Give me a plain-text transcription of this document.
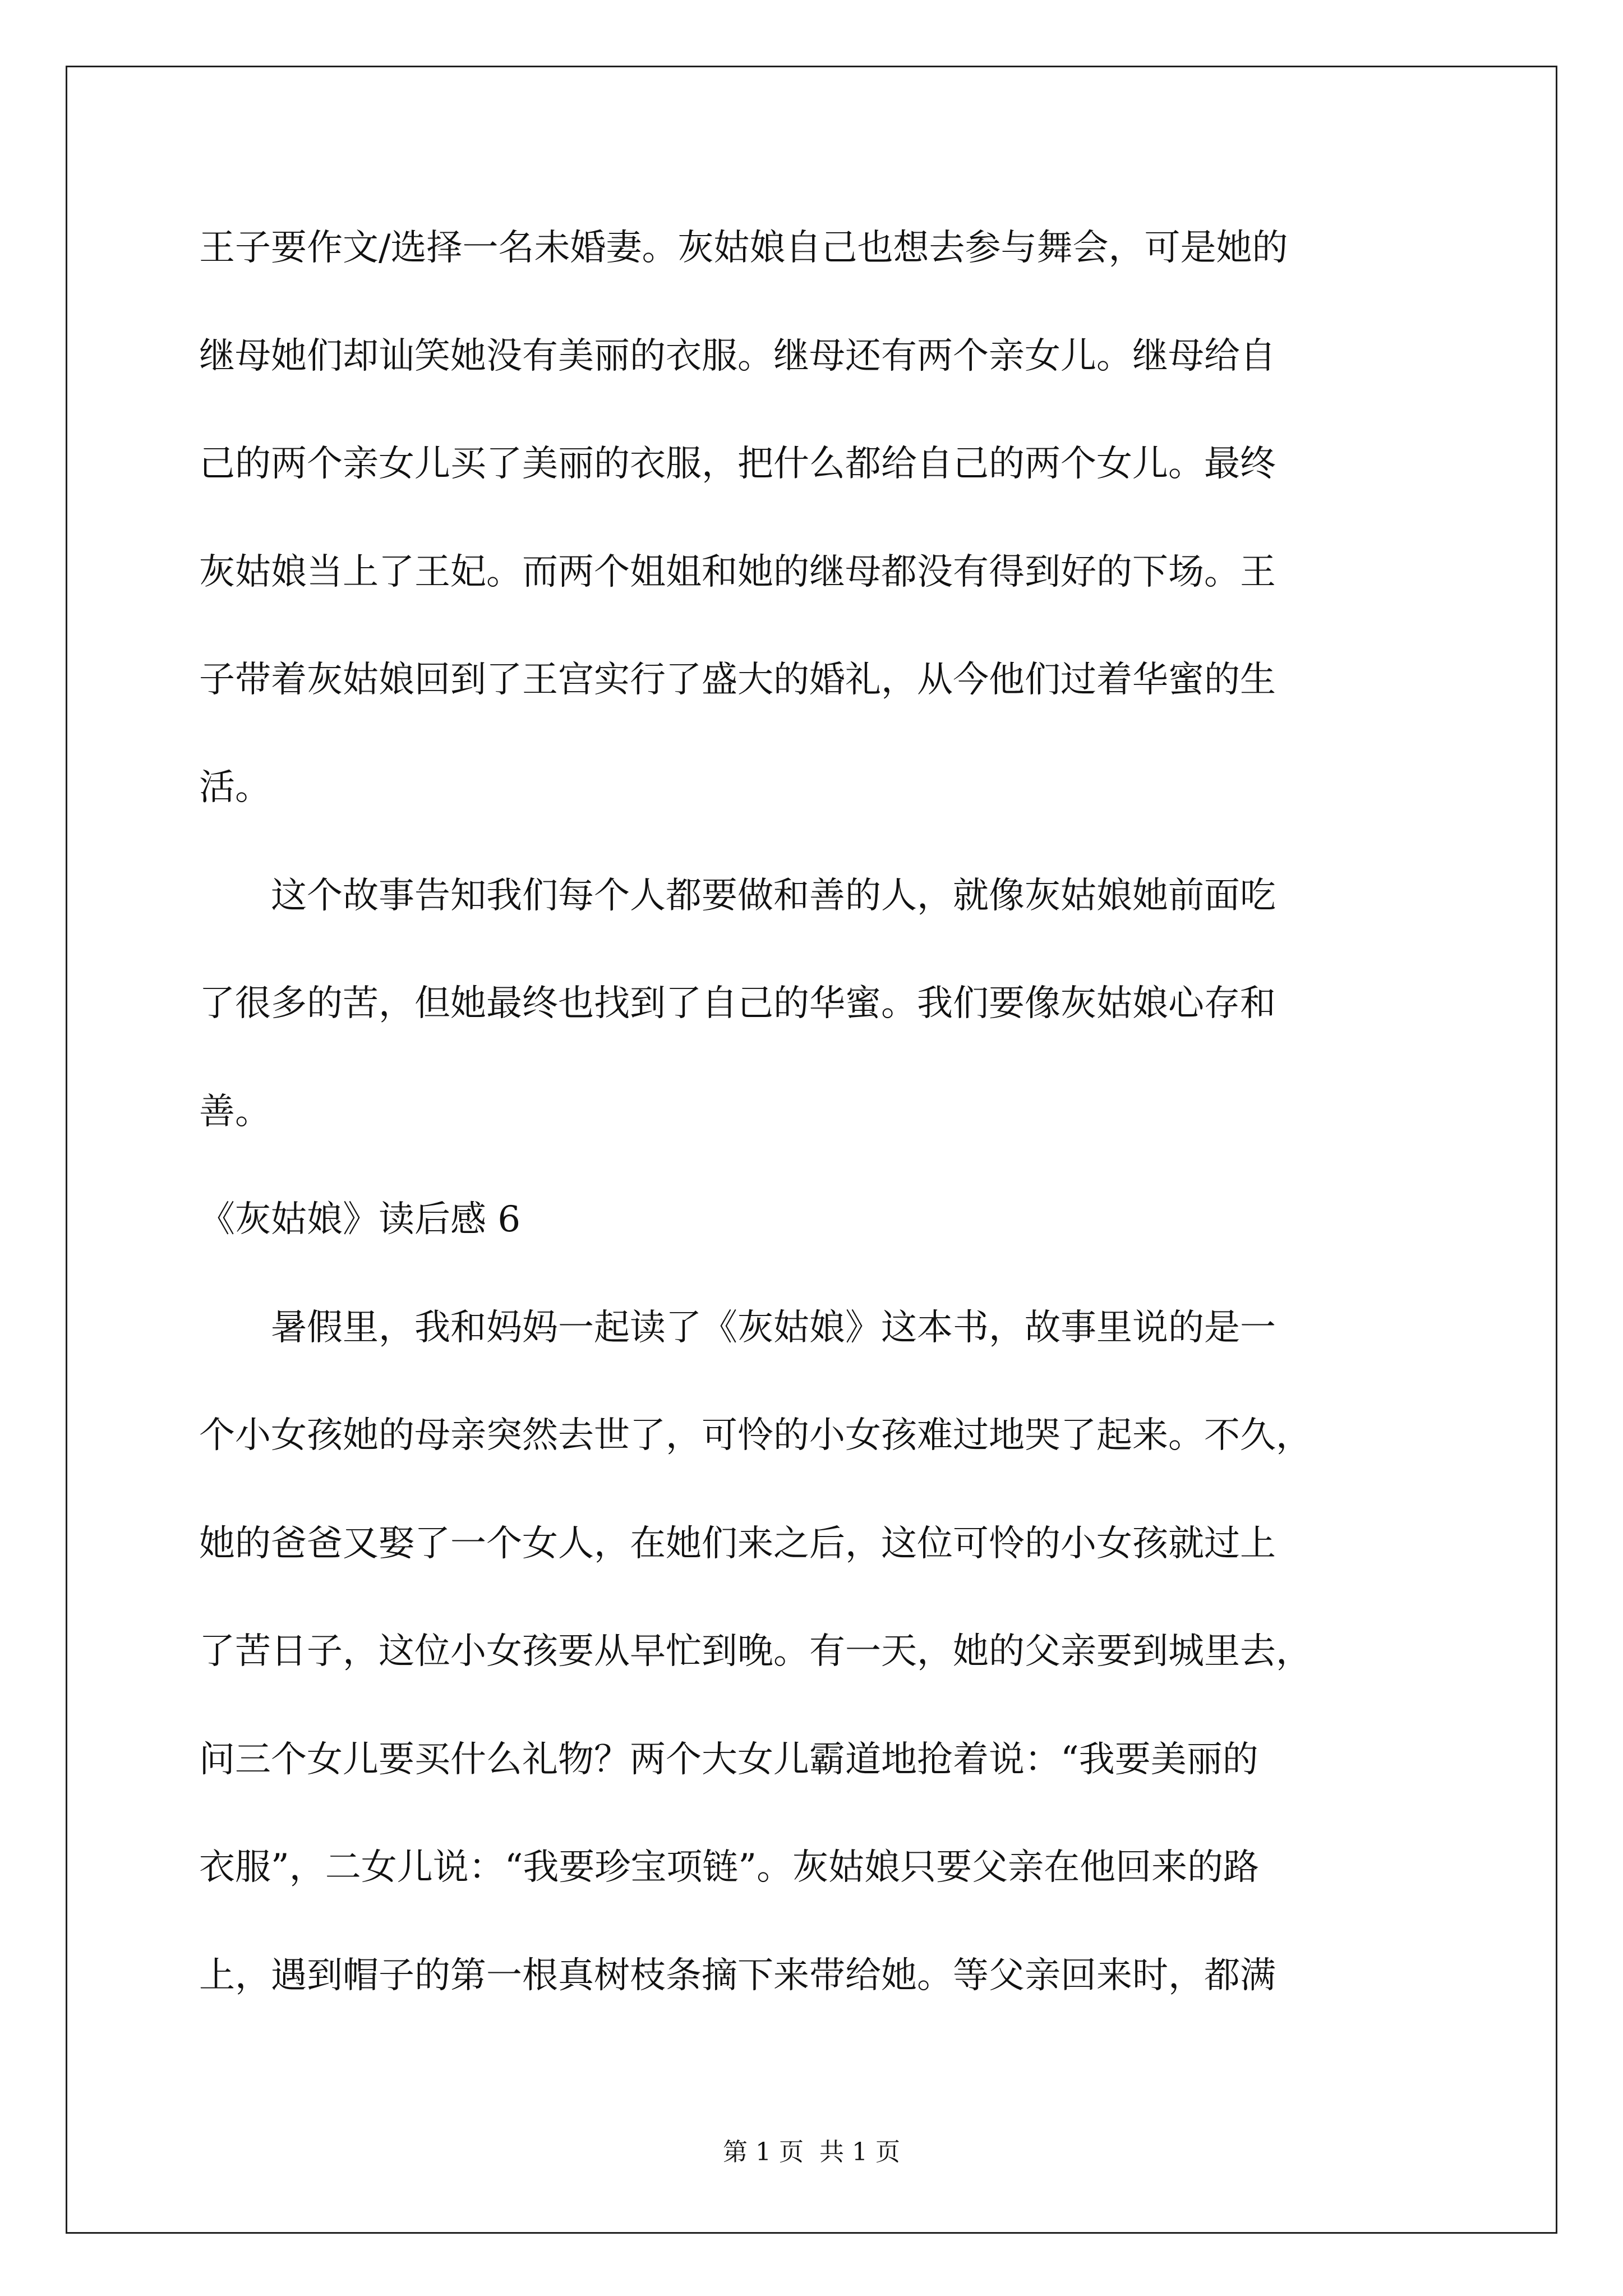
王子要作文/选择一名未婚妻。灰姑娘自己也想去参与舞会，可是她的
继母她们却讪笑她没有美丽的衣服。继母还有两个亲女儿。继母给自
己的两个亲女儿买了美丽的衣服，把什么都给自己的两个女儿。最终
灰姑娘当上了王妃。而两个姐姐和她的继母都没有得到好的下场。王
子带着灰姑娘回到了王宫实行了盛大的婚礼，从今他们过着华蜜的生
活。
这个故事告知我们每个人都要做和善的人，就像灰姑娘她前面吃
了很多的苦，但她最终也找到了自己的华蜜。我们要像灰姑娘心存和
善。
《灰姑娘》读后感 6
暑假里，我和妈妈一起读了《灰姑娘》这本书，故事里说的是一
个小女孩她的母亲突然去世了，可怜的小女孩难过地哭了起来。不久，
她的爸爸又娶了一个女人，在她们来之后，这位可怜的小女孩就过上
了苦日子，这位小女孩要从早忙到晚。有一天，她的父亲要到城里去，
问三个女儿要买什么礼物？两个大女儿霸道地抢着说：“我要美丽的
衣服”，二女儿说：“我要珍宝项链”。灰姑娘只要父亲在他回来的路
上，遇到帽子的第一根真树枝条摘下来带给她。等父亲回来时，都满
第 1 页 共 1 页
